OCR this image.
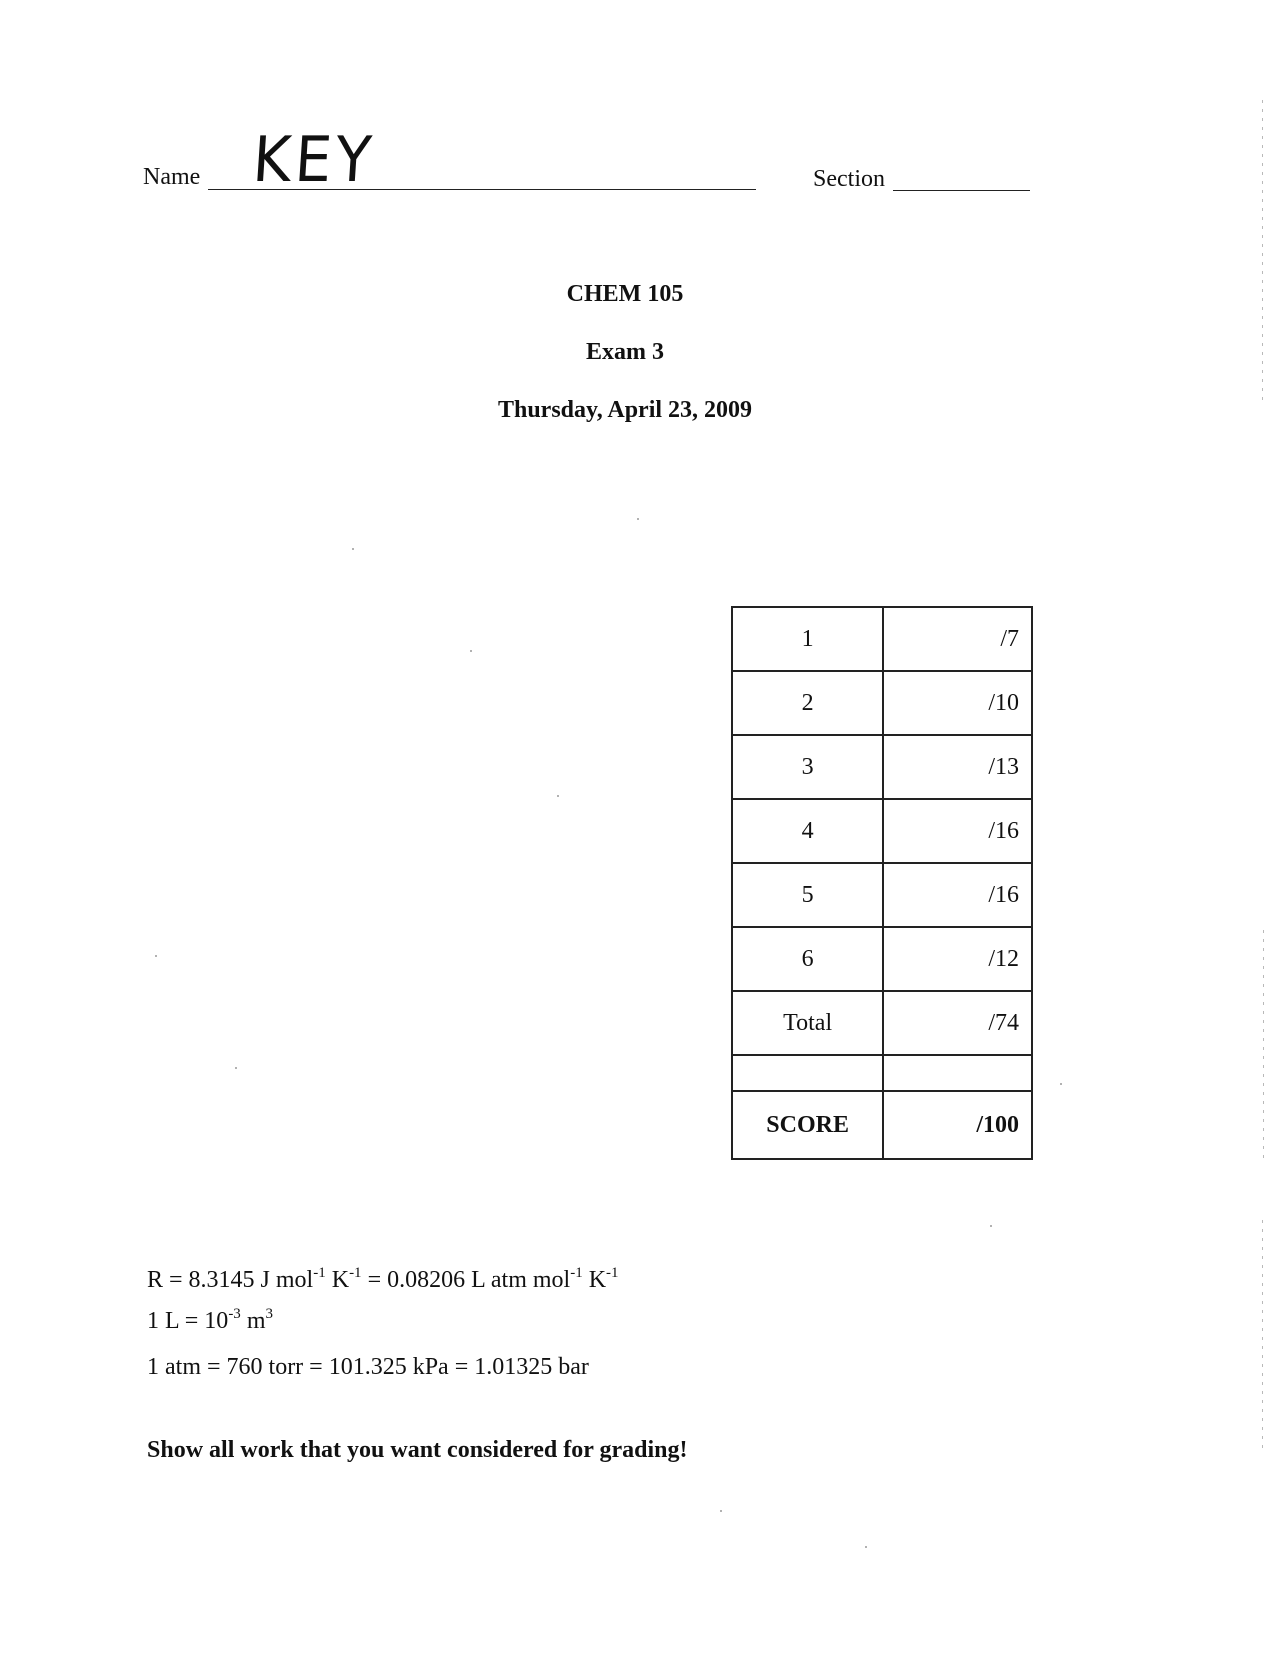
Name KEY	Section
CHEM 105
Exam 3
Thursday, April 23, 2009
1	/7
2	/10
3	/13
4	/16
5	/16
6	/12
Total	/74

SCORE	/100
R = 8.3145 J mol$^{-1}$ $K^{-1} = 0.08206$ L atm mol$^{-1}$ $K^{-1}$
1 $L = 10^{-3}$ $m^3$
1 atm = 760 torr = 101.325 kPa = 1.01325 bar
Show all work that you want considered for grading!
